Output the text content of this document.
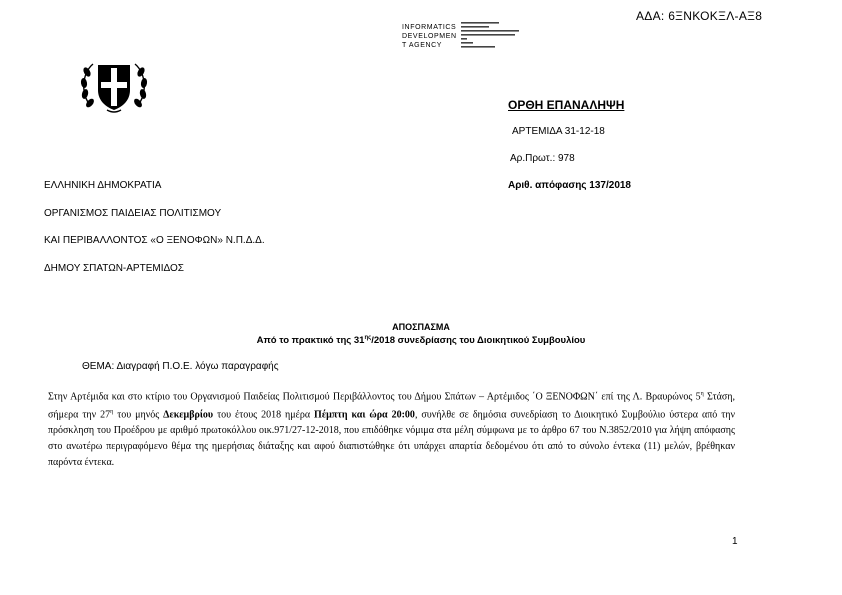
ΑΔΑ: 6ΞΝΚΟΚΞΛ-ΑΞ8
INFORMATICS
DEVELOPMEN
T AGENCY
ΟΡΘΗ ΕΠΑΝΑΛΗΨΗ
ΑΡΤΕΜΙΔΑ 31-12-18
Αρ.Πρωτ.: 978
Αριθ. απόφασης 137/2018
ΕΛΛΗΝΙΚΗ ΔΗΜΟΚΡΑΤΙΑ
ΟΡΓΑΝΙΣΜΟΣ ΠΑΙΔΕΙΑΣ ΠΟΛΙΤΙΣΜΟΥ
ΚΑΙ ΠΕΡΙΒΑΛΛΟΝΤΟΣ «Ο ΞΕΝΟΦΩΝ» Ν.Π.Δ.Δ.
ΔΗΜΟΥ ΣΠΑΤΩΝ-ΑΡΤΕΜΙΔΟΣ
ΑΠΟΣΠΑΣΜΑ
Από το πρακτικό της $31^{\eta\varsigma}/2018$ συνεδρίασης του Διοικητικού Συμβουλίου
ΘΕΜΑ: Διαγραφή Π.Ο.Ε. λόγω παραγραφής
Στην Αρτέμιδα και στο κτίριο του Οργανισμού Παιδείας Πολιτισμού Περιβάλλοντος του Δήμου Σπάτων – Αρτέμιδος ΄Ο ΞΕΝΟΦΩΝ΄ επί της Λ. Βραυρώνος $5^\eta$ Στάση, σήμερα την $27^\eta$ του μηνός Δεκεμβρίου του έτους 2018 ημέρα Πέμπτη και ώρα 20:00, συνήλθε σε δημόσια συνεδρίαση το Διοικητικό Συμβούλιο ύστερα από την πρόσκληση του Προέδρου με αριθμό πρωτοκόλλου οικ.971/27-12-2018, που επιδόθηκε νόμιμα στα μέλη σύμφωνα με το άρθρο 67 του Ν.3852/2010 για λήψη απόφασης στο ανωτέρω περιγραφόμενο θέμα της ημερήσιας διάταξης και αφού διαπιστώθηκε ότι υπάρχει απαρτία δεδομένου ότι από το σύνολο έντεκα (11) μελών, βρέθηκαν παρόντα έντεκα.
1
